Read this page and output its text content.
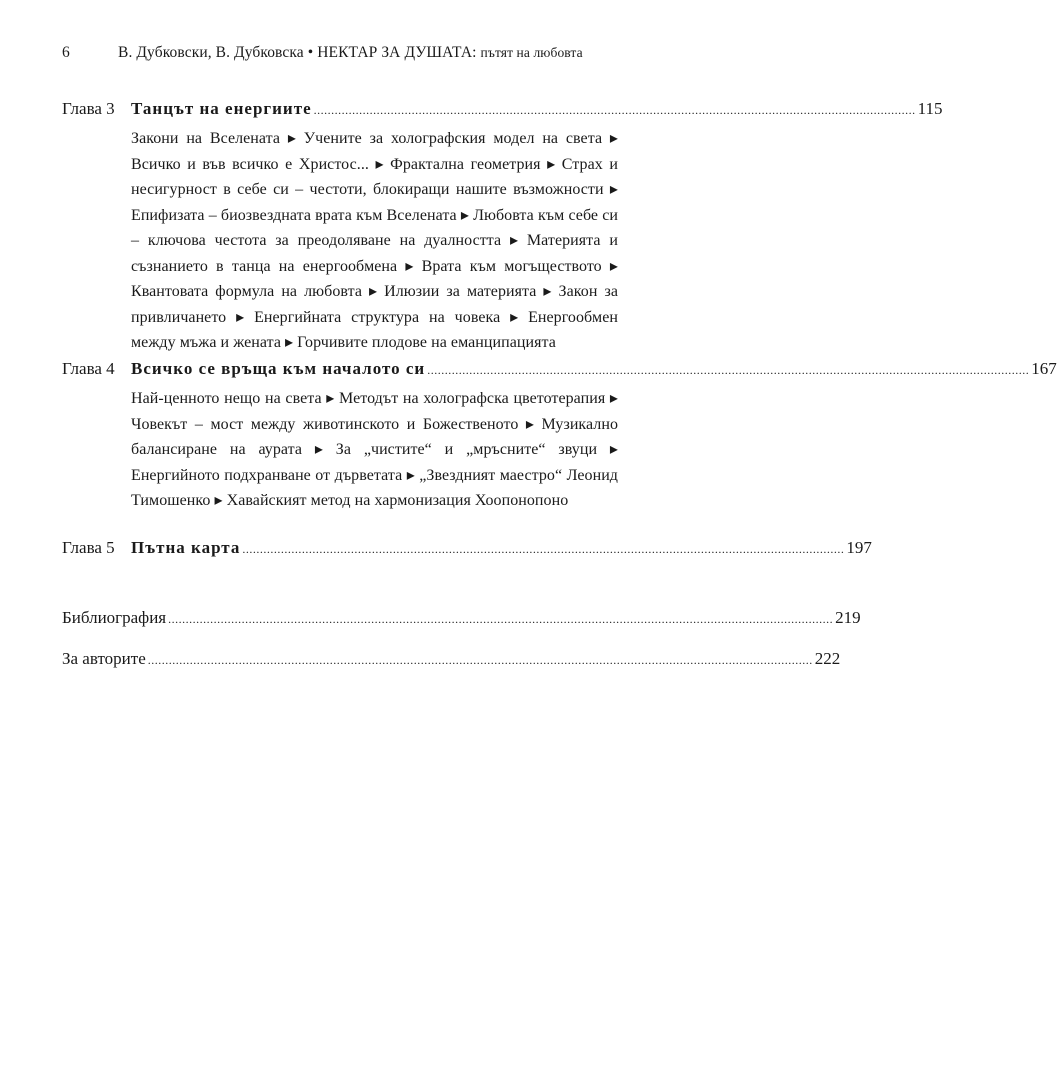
6	В. Дубковски, В. Дубковска • НЕКТАР ЗА ДУШАТА: пътят на любовта
Глава 3 Танцът на енергиите ............................................................................................................................................................................ 115

Закони на Вселената ▸ Учените за холографския модел на света ▸ Всичко и във всичко е Христос... ▸ Фрактална геометрия ▸ Страх и несигурност в себе си – честоти, блокиращи нашите възможности ▸ Епифизата – биозвездната врата към Вселената ▸ Любовта към себе си – ключова честота за преодоляване на дуалността ▸ Материята и съзнанието в танца на енергообмена ▸ Врата към могъществото ▸ Квантовата формула на любовта ▸ Илюзии за материята ▸ Закон за привличането ▸ Енергийната структура на човека ▸ Енергообмен между мъжа и жената ▸ Горчивите плодове на еманципацията

Глава 4 Всичко се връща към началото си ............................................................................................................................................................................ 167

Най-ценното нещо на света ▸ Методът на холографска цветотерапия ▸ Човекът – мост между животинското и Божественото ▸ Музикално балансиране на аурата ▸ За „чистите“ и „мръсните“ звуци ▸ Енергийното подхранване от дърветата ▸ „Звездният маестро“ Леонид Тимошенко ▸ Хавайският метод на хармонизация Хоопонопоно

Глава 5 Пътна карта ............................................................................................................................................................................ 197
Библиография .............................................................................................................................................................................................. 219
За авторите .............................................................................................................................................................................................. 222
